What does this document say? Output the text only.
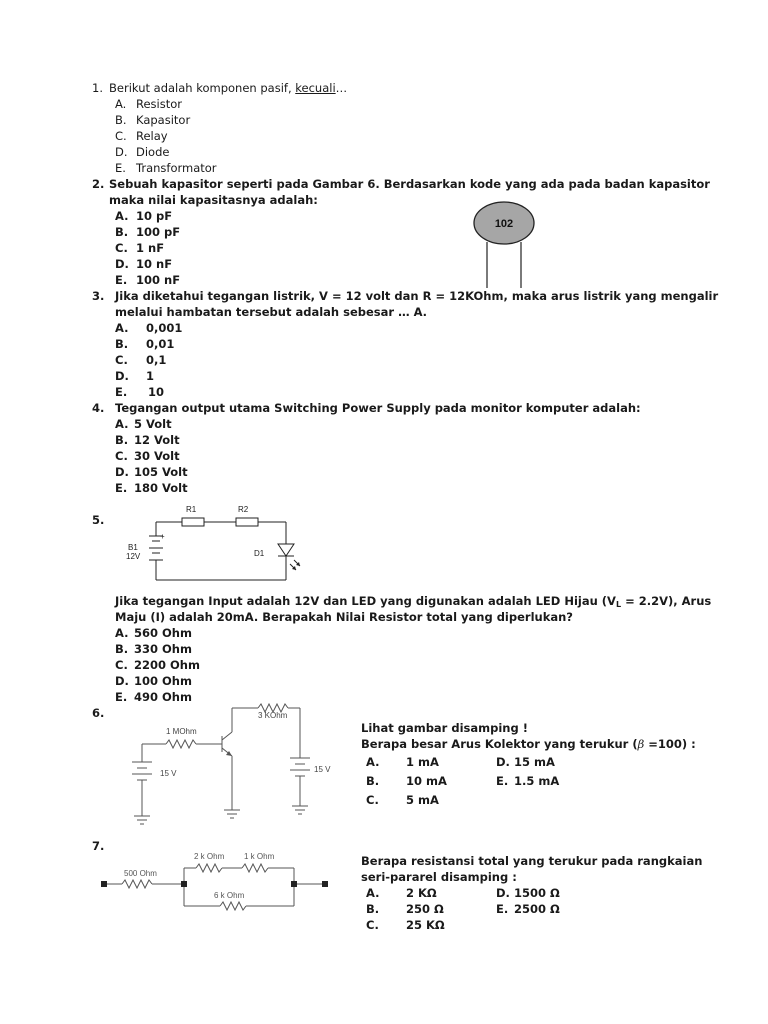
1. Berikut adalah komponen pasif, kecuali…
A. Resistor
B. Kapasitor
C. Relay
D. Diode
E. Transformator
2. Sebuah kapasitor seperti pada Gambar 6. Berdasarkan kode yang ada pada badan kapasitor
maka nilai kapasitasnya adalah:
A. 10 pF
B. 100 pF
C. 1 nF
D. 10 nF
E. 100 nF
102
3. Jika diketahui tegangan listrik, V = 12 volt dan R = 12KOhm, maka arus listrik yang mengalir
melalui hambatan tersebut adalah sebesar … A.
A. 0,001
B. 0,01
C. 0,1
D. 1
E. 10
4. Tegangan output utama Switching Power Supply pada monitor komputer adalah:
A. 5 Volt
B. 12 Volt
C. 30 Volt
D. 105 Volt
E. 180 Volt
5.
R1	R2
B1
12V
+
D1
Jika tegangan Input adalah 12V dan LED yang digunakan adalah LED Hijau (VL = 2.2V), Arus
Maju (I) adalah 20mA. Berapakah Nilai Resistor total yang diperlukan?
A. 560 Ohm
B. 330 Ohm
C. 2200 Ohm
D. 100 Ohm
E. 490 Ohm
6.	3 KOhm
1 MOhm
15 V	15 V
Lihat gambar disamping !
Berapa besar Arus Kolektor yang terukur (β =100) :
A. 1 mA	D. 15 mA
B. 10 mA	E. 1.5 mA
C. 5 mA
7.
500 Ohm
2 k Ohm 1 k Ohm
6 k Ohm
Berapa resistansi total yang terukur pada rangkaian
seri-pararel disamping :
A. 2 KΩ	D. 1500 Ω
B. 250 Ω	E. 2500 Ω
C. 25 KΩ
